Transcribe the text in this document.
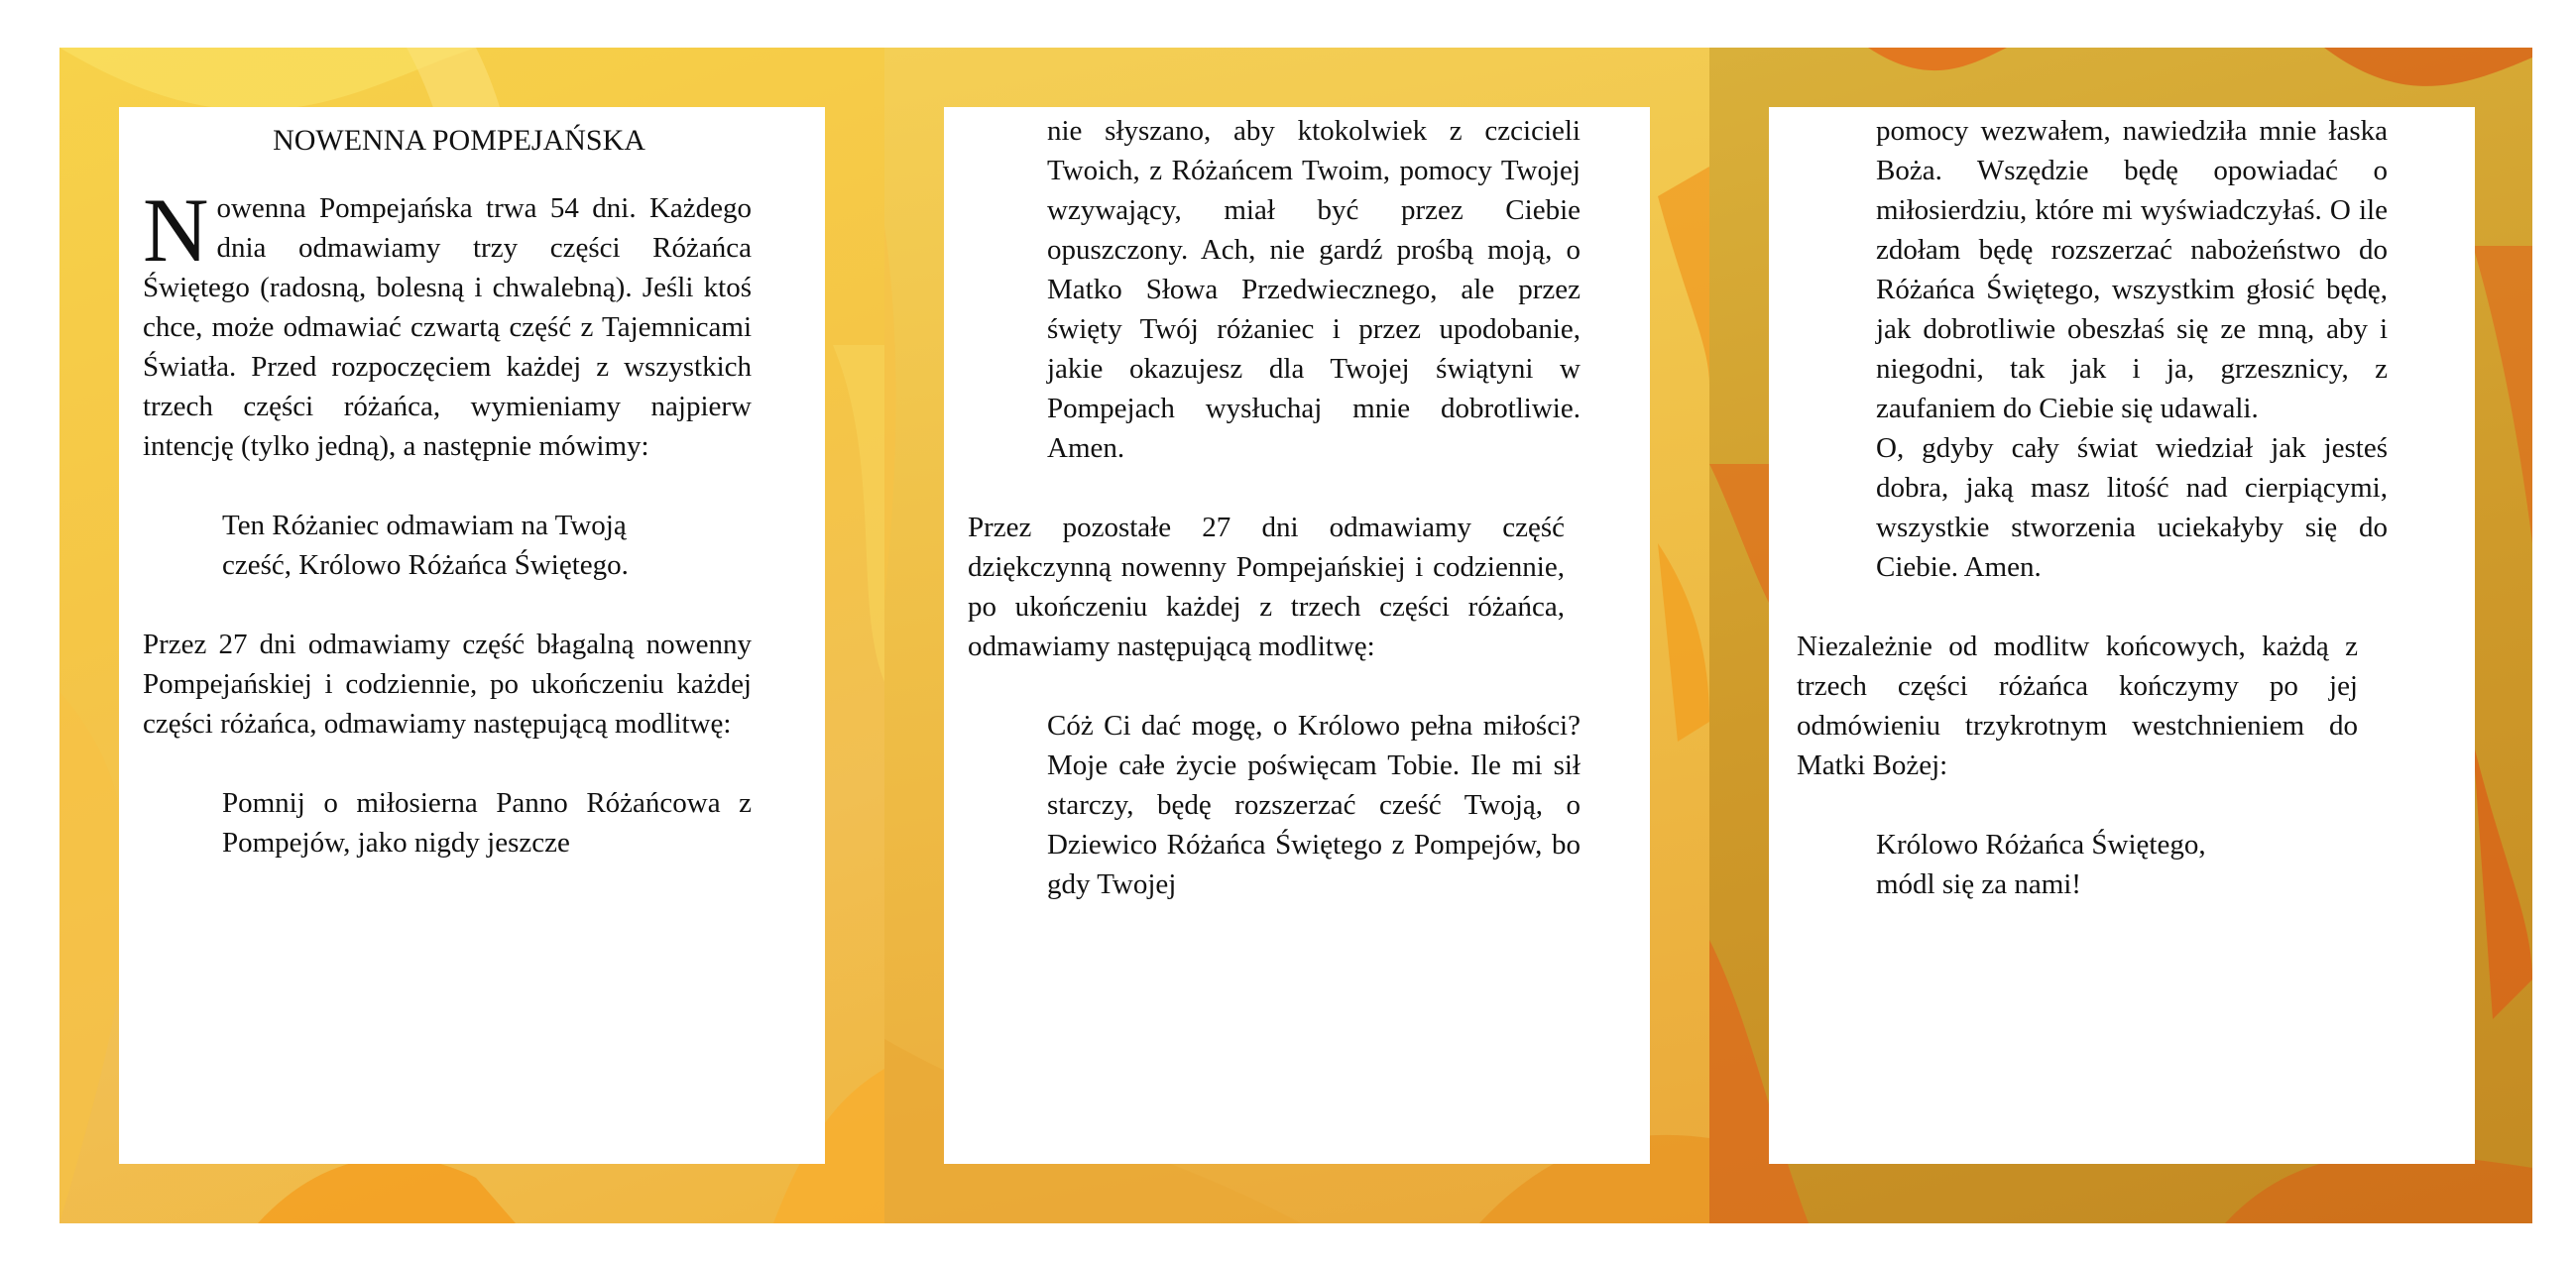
NOWENNA POMPEJAŃSKA

Nowenna Pompejańska trwa 54 dni. Każdego dnia odmawiamy trzy części Różańca Świętego (radosną, bolesną i chwalebną). Jeśli ktoś chce, może odmawiać czwartą część z Tajemnicami Światła. Przed rozpoczęciem każdej z wszystkich trzech części różańca, wymieniamy najpierw intencję (tylko jedną), a następnie mówimy:

Ten Różaniec odmawiam na Twoją cześć, Królowo Różańca Świętego.

Przez 27 dni odmawiamy część błagalną nowenny Pompejańskiej i codziennie, po ukończeniu każdej części różańca, odmawiamy następującą modlitwę:

Pomnij o miłosierna Panno Różańcowa z Pompejów, jako nigdy jeszcze

nie słyszano, aby ktokolwiek z czcicieli Twoich, z Różańcem Twoim, pomocy Twojej wzywający, miał być przez Ciebie opuszczony. Ach, nie gardź prośbą moją, o Matko Słowa Przedwiecznego, ale przez święty Twój różaniec i przez upodobanie, jakie okazujesz dla Twojej świątyni w Pompejach wysłuchaj mnie dobrotliwie. Amen.

Przez pozostałe 27 dni odmawiamy część dziękczynną nowenny Pompejańskiej i codziennie, po ukończeniu każdej z trzech części różańca, odmawiamy następującą modlitwę:

Cóż Ci dać mogę, o Królowo pełna miłości? Moje całe życie poświęcam Tobie. Ile mi sił starczy, będę rozszerzać cześć Twoją, o Dziewico Różańca Świętego z Pompejów, bo gdy Twojej

pomocy wezwałem, nawiedziła mnie łaska Boża. Wszędzie będę opowiadać o miłosierdziu, które mi wyświadczyłaś. O ile zdołam będę rozszerzać nabożeństwo do Różańca Świętego, wszystkim głosić będę, jak dobrotliwie obeszłaś się ze mną, aby i niegodni, tak jak i ja, grzesznicy, z zaufaniem do Ciebie się udawali.

O, gdyby cały świat wiedział jak jesteś dobra, jaką masz litość nad cierpiącymi, wszystkie stworzenia uciekałyby się do Ciebie. Amen.

Niezależnie od modlitw końcowych, każdą z trzech części różańca kończymy po jej odmówieniu trzykrotnym westchnieniem do Matki Bożej:

Królowo Różańca Świętego,

módl się za nami!
